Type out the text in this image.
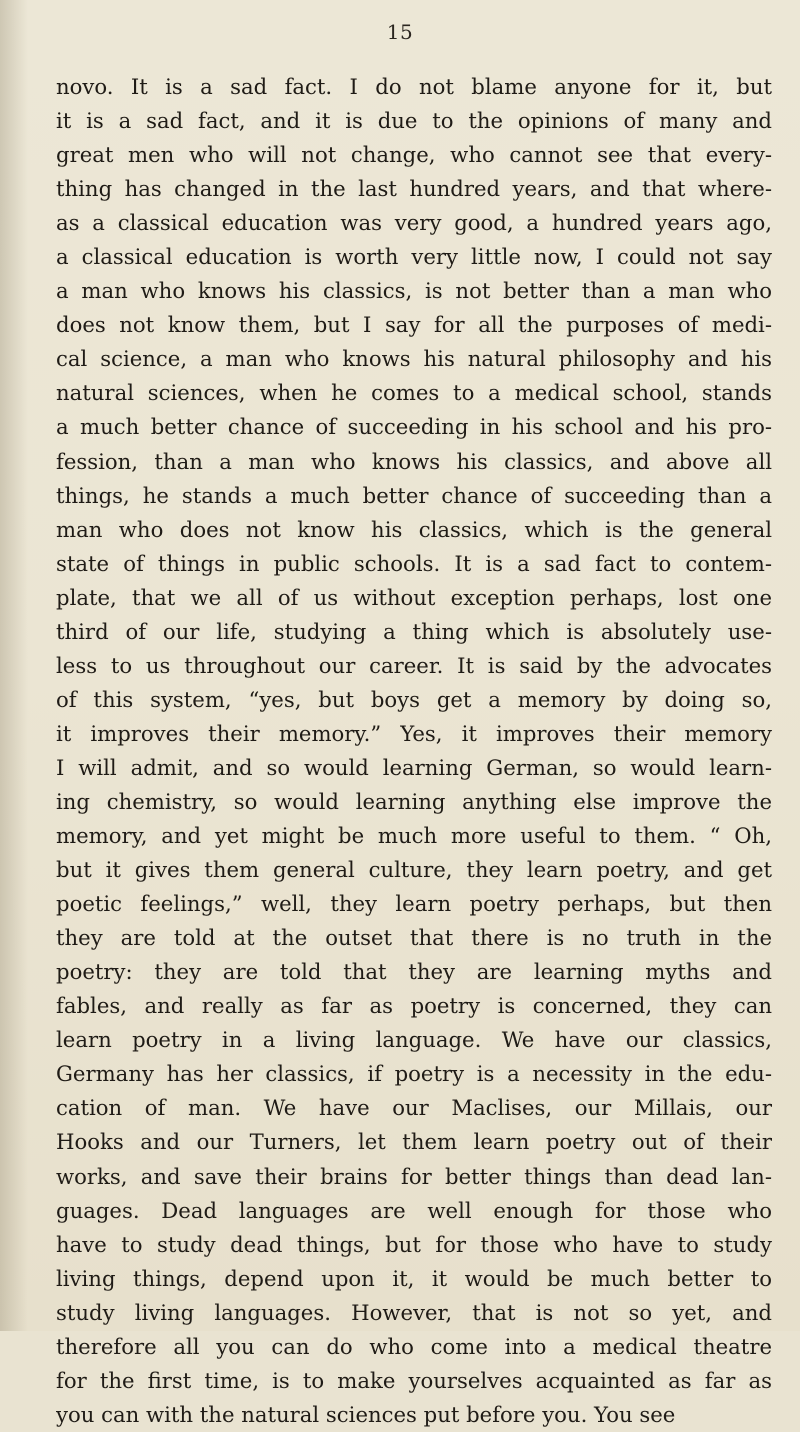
15
novo. It is a sad fact. I do not blame anyone for it, but
it is a sad fact, and it is due to the opinions of many and
great men who will not change, who cannot see that every-
thing has changed in the last hundred years, and that where-
as a classical education was very good, a hundred years ago,
a classical education is worth very little now, I could not say
a man who knows his classics, is not better than a man who
does not know them, but I say for all the purposes of medi-
cal science, a man who knows his natural philosophy and his
natural sciences, when he comes to a medical school, stands
a much better chance of succeeding in his school and his pro-
fession, than a man who knows his classics, and above all
things, he stands a much better chance of succeeding than a
man who does not know his classics, which is the general
state of things in public schools. It is a sad fact to contem-
plate, that we all of us without exception perhaps, lost one
third of our life, studying a thing which is absolutely use-
less to us throughout our career. It is said by the advocates
of this system, “yes, but boys get a memory by doing so,
it improves their memory.” Yes, it improves their memory
I will admit, and so would learning German, so would learn-
ing chemistry, so would learning anything else improve the
memory, and yet might be much more useful to them. “ Oh,
but it gives them general culture, they learn poetry, and get
poetic feelings,” well, they learn poetry perhaps, but then
they are told at the outset that there is no truth in the
poetry: they are told that they are learning myths and
fables, and really as far as poetry is concerned, they can
learn poetry in a living language. We have our classics,
Germany has her classics, if poetry is a necessity in the edu-
cation of man. We have our Maclises, our Millais, our
Hooks and our Turners, let them learn poetry out of their
works, and save their brains for better things than dead lan-
guages. Dead languages are well enough for those who
have to study dead things, but for those who have to study
living things, depend upon it, it would be much better to
study living languages. However, that is not so yet, and
therefore all you can do who come into a medical theatre
for the first time, is to make yourselves acquainted as far as
you can with the natural sciences put before you. You see
